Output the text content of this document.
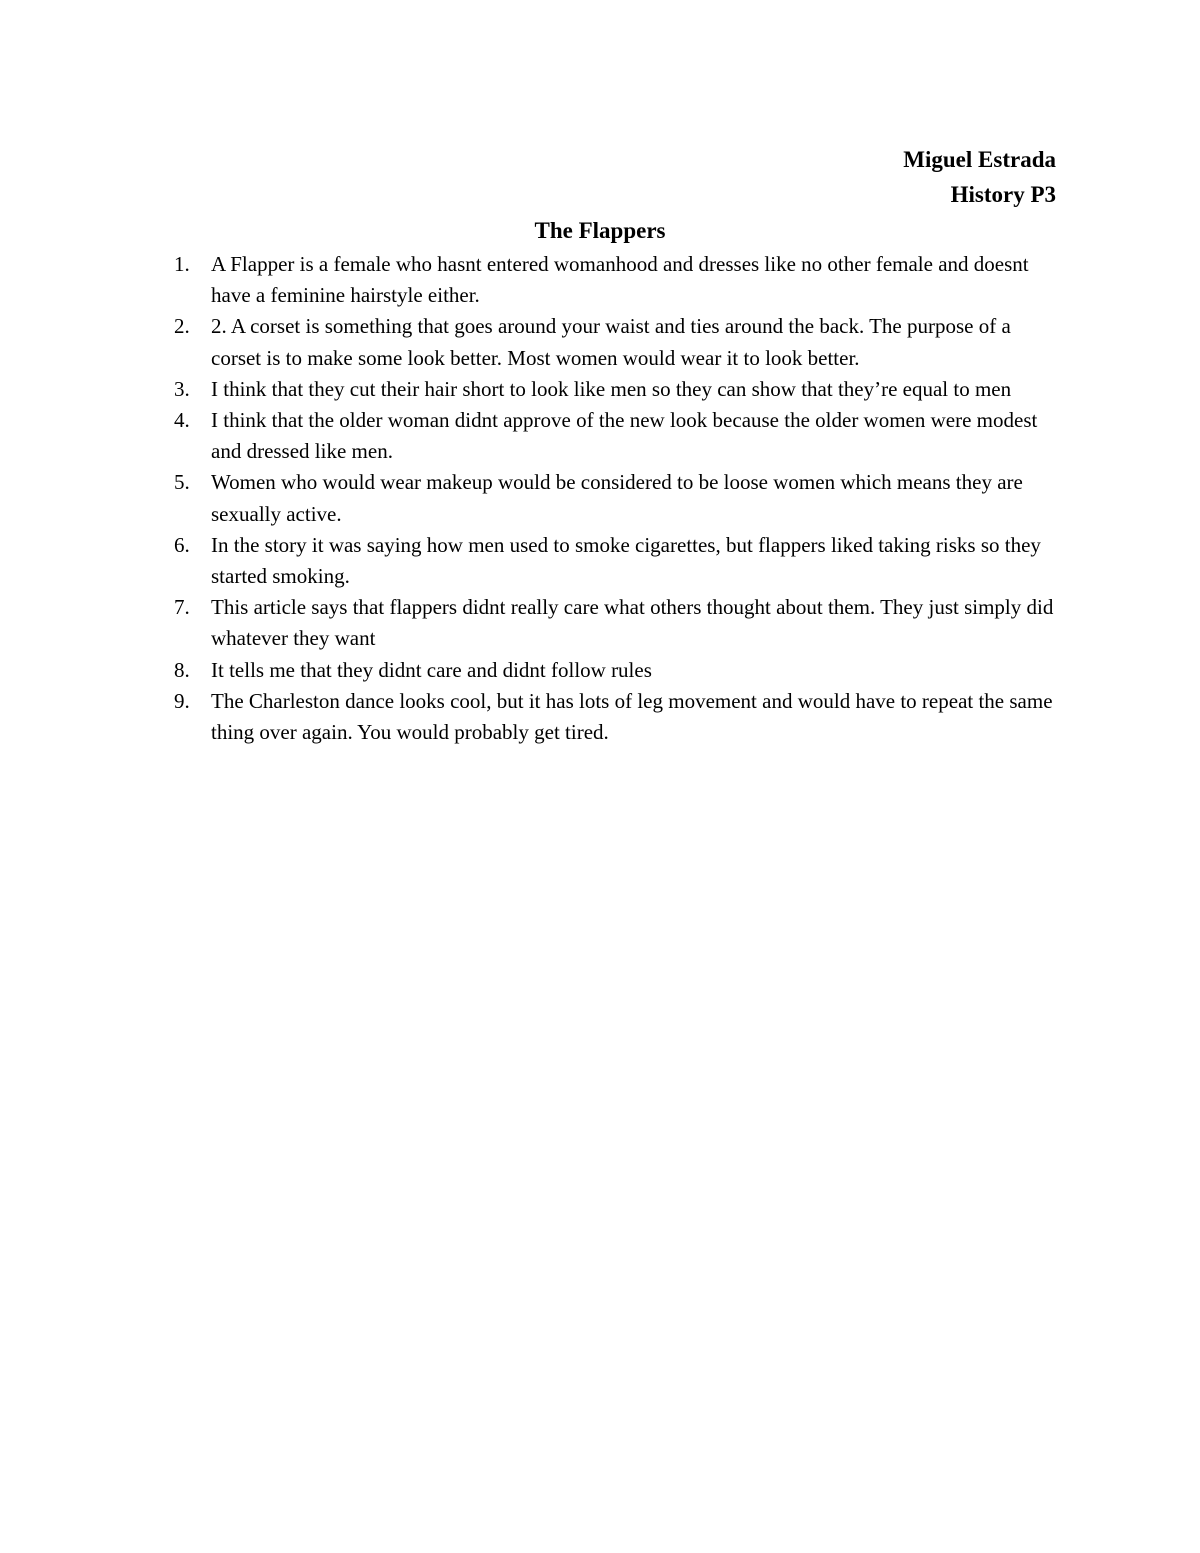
Miguel Estrada
History P3
The Flappers
1.	A Flapper is a female who hasnt entered womanhood and dresses like no other female and doesnt have a feminine hairstyle either.
2.	2. A corset is something that goes around your waist and ties around the back. The purpose of a corset is to make some look better. Most women would wear it to look better.
3.	I think that they cut their hair short to look like men so they can show that they’re equal to men
4.	I think that the older woman didnt approve of the new look because the older women were modest and dressed like men.
5.	Women who would wear makeup would be considered to be loose women which means they are sexually active.
6.	In the story it was saying how men used to smoke cigarettes, but flappers liked taking risks so they started smoking.
7.	This article says that flappers didnt really care what others thought about them. They just simply did whatever they want
8.	It tells me that they didnt care and didnt follow rules
9.	The Charleston dance looks cool, but it has lots of leg movement and would have to repeat the same thing over again. You would probably get tired.
